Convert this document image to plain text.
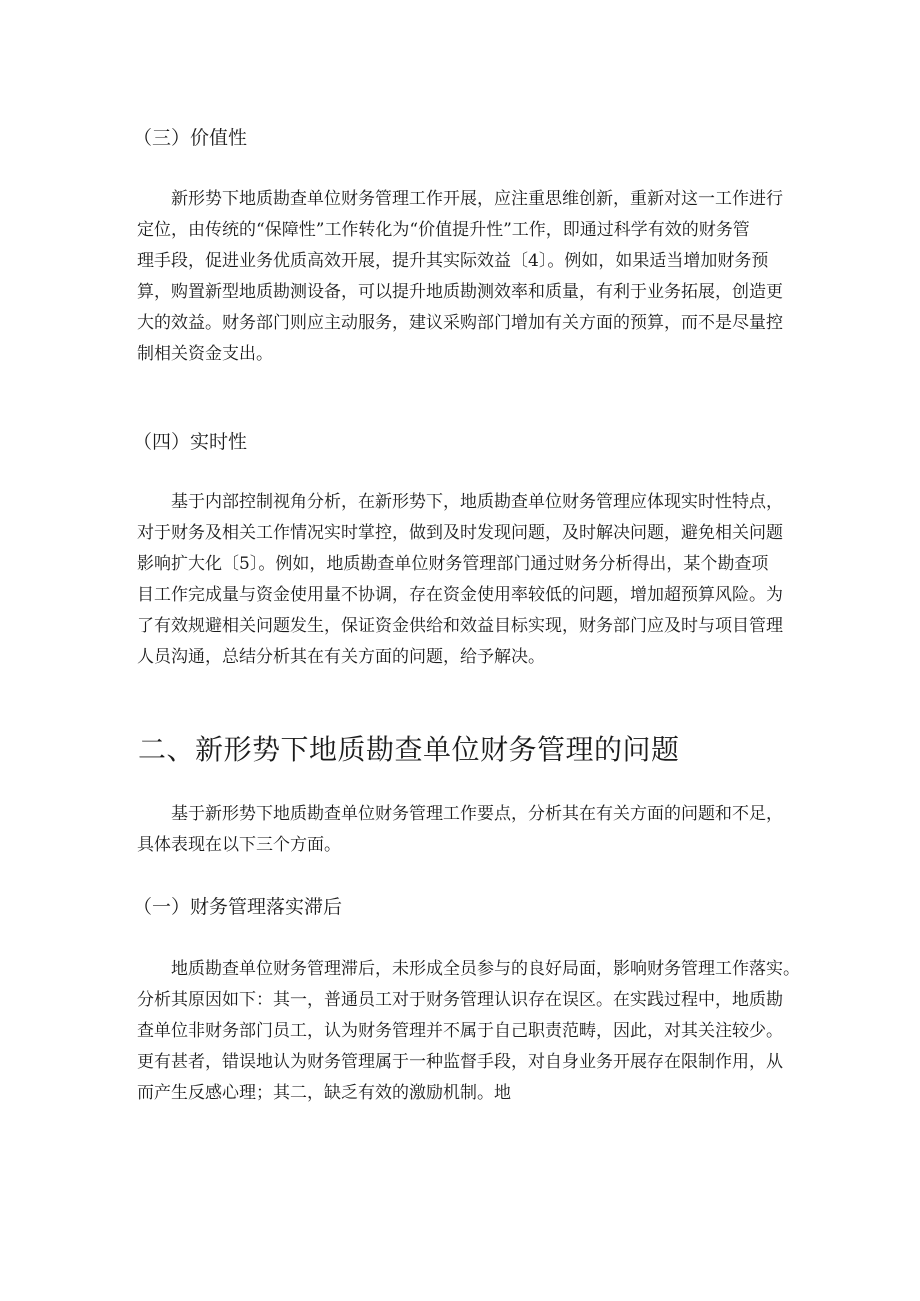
（三）价值性
新形势下地质勘查单位财务管理工作开展，应注重思维创新，重新对这一工作进行
定位，由传统的“保障性”工作转化为“价值提升性”工作，即通过科学有效的财务管
理手段，促进业务优质高效开展，提升其实际效益〔4〕。例如，如果适当增加财务预
算，购置新型地质勘测设备，可以提升地质勘测效率和质量，有利于业务拓展，创造更
大的效益。财务部门则应主动服务，建议采购部门增加有关方面的预算，而不是尽量控
制相关资金支出。
（四）实时性
基于内部控制视角分析，在新形势下，地质勘查单位财务管理应体现实时性特点，
对于财务及相关工作情况实时掌控，做到及时发现问题，及时解决问题，避免相关问题
影响扩大化〔5〕。例如，地质勘查单位财务管理部门通过财务分析得出，某个勘查项
目工作完成量与资金使用量不协调，存在资金使用率较低的问题，增加超预算风险。为
了有效规避相关问题发生，保证资金供给和效益目标实现，财务部门应及时与项目管理
人员沟通，总结分析其在有关方面的问题，给予解决。
二、新形势下地质勘查单位财务管理的问题
基于新形势下地质勘查单位财务管理工作要点，分析其在有关方面的问题和不足，
具体表现在以下三个方面。
（一）财务管理落实滞后
地质勘查单位财务管理滞后，未形成全员参与的良好局面，影响财务管理工作落实。
分析其原因如下：其一，普通员工对于财务管理认识存在误区。在实践过程中，地质勘
查单位非财务部门员工，认为财务管理并不属于自己职责范畴，因此，对其关注较少。
更有甚者，错误地认为财务管理属于一种监督手段，对自身业务开展存在限制作用，从
而产生反感心理；其二，缺乏有效的激励机制。地
